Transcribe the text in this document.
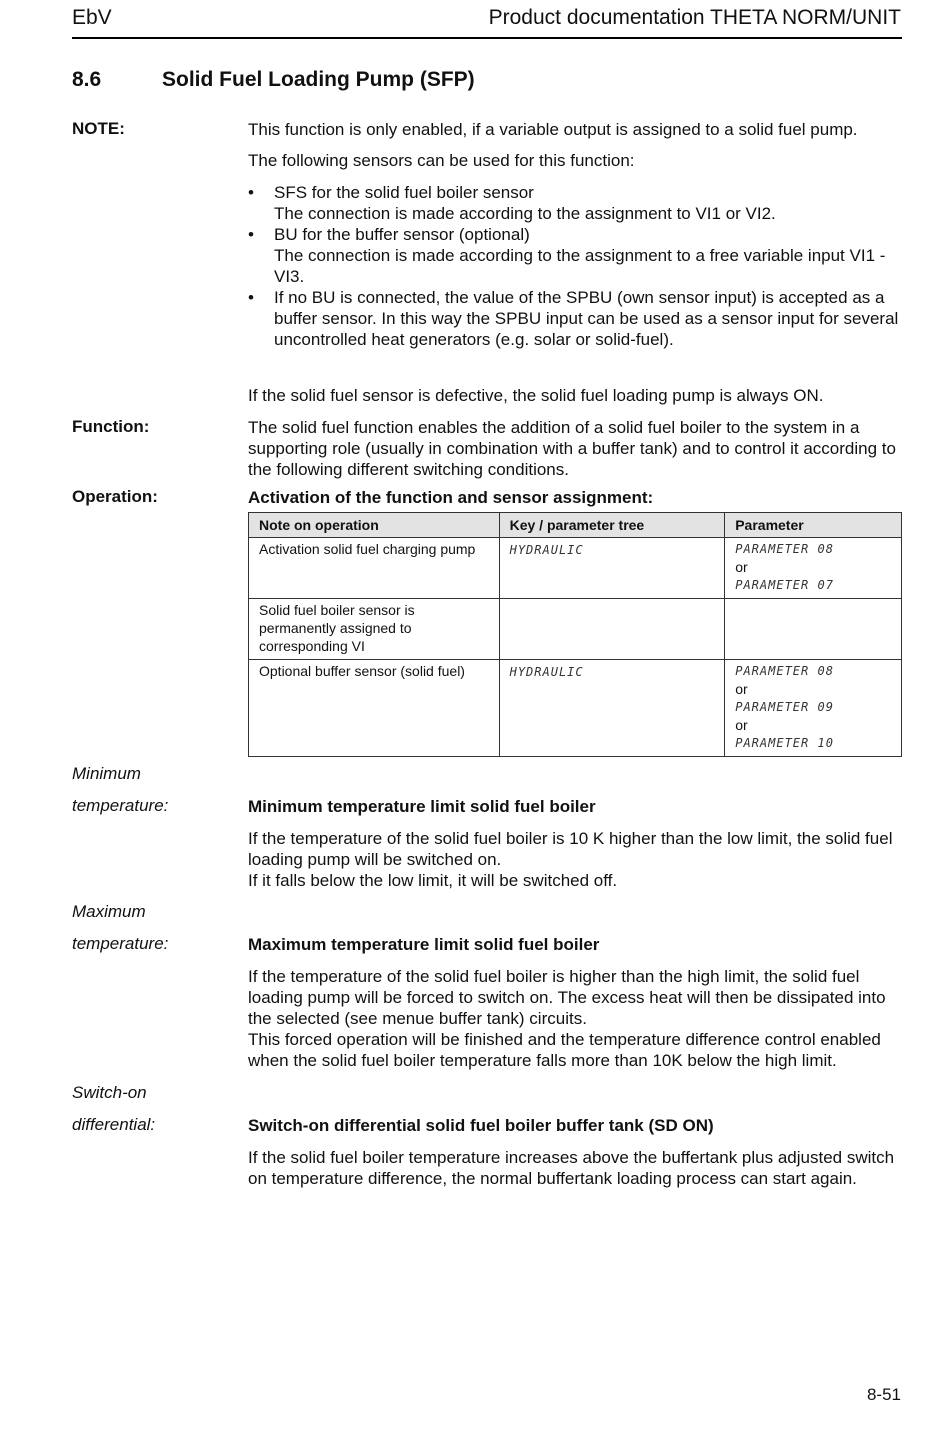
EbV	Product documentation THETA NORM/UNIT
8.6	Solid Fuel Loading Pump (SFP)
NOTE:	This function is only enabled, if a variable output is assigned to a solid fuel pump.
The following sensors can be used for this function:
•	SFS for the solid fuel boiler sensor
The connection is made according to the assignment to VI1 or VI2.
•	BU for the buffer sensor (optional)
The connection is made according to the assignment to a free variable input VI1 - VI3.
•	If no BU is connected, the value of the SPBU (own sensor input) is accepted as a buffer sensor. In this way the SPBU input can be used as a sensor input for several uncontrolled heat generators (e.g. solar or solid-fuel).
If the solid fuel sensor is defective, the solid fuel loading pump is always ON.
Function:	The solid fuel function enables the addition of a solid fuel boiler to the system in a supporting role (usually in combination with a buffer tank) and to control it according to the following different switching conditions.
Operation:	Activation of the function and sensor assignment:
Note on operation	Key / parameter tree	Parameter
Activation solid fuel charging pump	HYDRAULIC	PARAMETER 08
or
PARAMETER 07

Solid fuel boiler sensor is permanently assigned to corresponding VI		
Optional buffer sensor (solid fuel)	HYDRAULIC	PARAMETER 08
or
PARAMETER 09
or
PARAMETER 10
Minimum
temperature:	Minimum temperature limit solid fuel boiler
If the temperature of the solid fuel boiler is 10 K higher than the low limit, the solid fuel loading pump will be switched on.
If it falls below the low limit, it will be switched off.
Maximum
temperature:	Maximum temperature limit solid fuel boiler
If the temperature of the solid fuel boiler is higher than the high limit, the solid fuel loading pump will be forced to switch on. The excess heat will then be dissipated into the selected (see menue buffer tank) circuits.
This forced operation will be finished and the temperature difference control enabled when the solid fuel boiler temperature falls more than 10K below the high limit.
Switch-on
differential:	Switch-on differential solid fuel boiler buffer tank (SD ON)
If the solid fuel boiler temperature increases above the buffertank plus adjusted switch on temperature difference, the normal buffertank loading process can start again.
8-51
